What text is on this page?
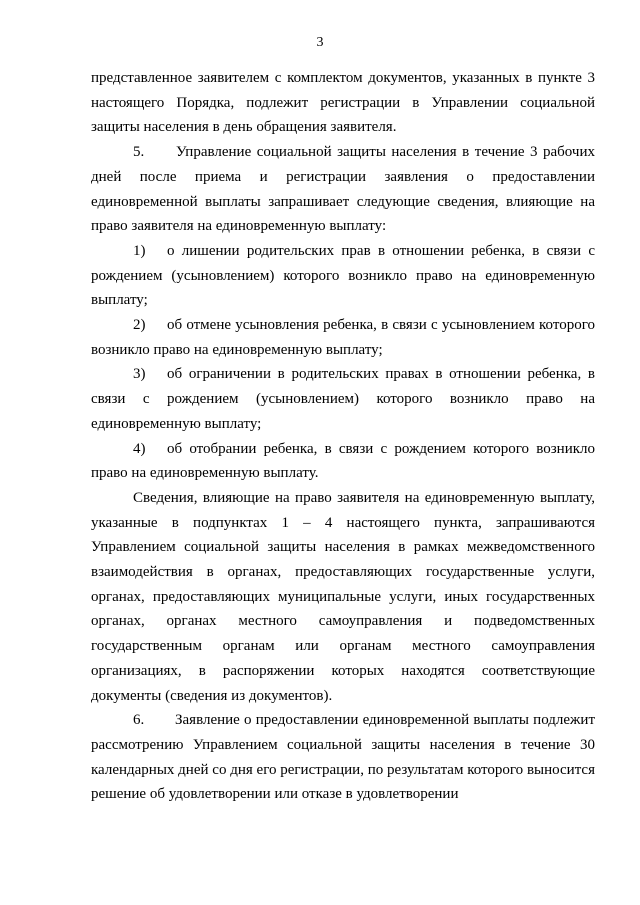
3

представленное заявителем с комплектом документов, указанных в пункте 3 настоящего Порядка, подлежит регистрации в Управлении социальной защиты населения в день обращения заявителя.

5. Управление социальной защиты населения в течение 3 рабочих дней после приема и регистрации заявления о предоставлении единовременной выплаты запрашивает следующие сведения, влияющие на право заявителя на единовременную выплату:

1) о лишении родительских прав в отношении ребенка, в связи с рождением (усыновлением) которого возникло право на единовременную выплату;

2) об отмене усыновления ребенка, в связи с усыновлением которого возникло право на единовременную выплату;

3) об ограничении в родительских правах в отношении ребенка, в связи с рождением (усыновлением) которого возникло право на единовременную выплату;

4) об отобрании ребенка, в связи с рождением которого возникло право на единовременную выплату.

Сведения, влияющие на право заявителя на единовременную выплату, указанные в подпунктах 1 – 4 настоящего пункта, запрашиваются Управлением социальной защиты населения в рамках межведомственного взаимодействия в органах, предоставляющих государственные услуги, органах, предоставляющих муниципальные услуги, иных государственных органах, органах местного самоуправления и подведомственных государственным органам или органам местного самоуправления организациях, в распоряжении которых находятся соответствующие документы (сведения из документов).

6. Заявление о предоставлении единовременной выплаты подлежит рассмотрению Управлением социальной защиты населения в течение 30 календарных дней со дня его регистрации, по результатам которого выносится решение об удовлетворении или отказе в удовлетворении
